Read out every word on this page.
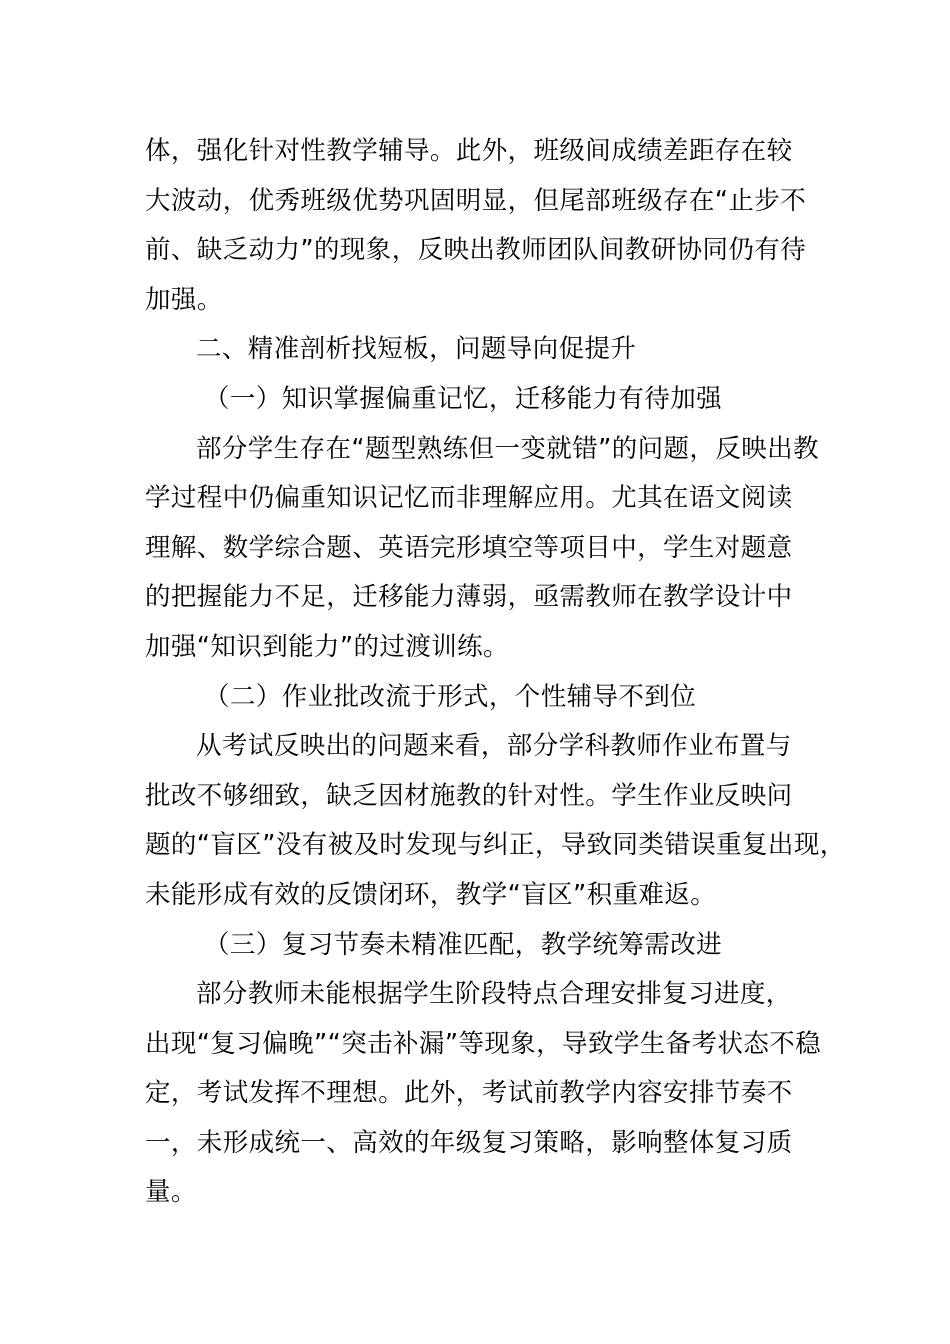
体，强化针对性教学辅导。此外，班级间成绩差距存在较
大波动，优秀班级优势巩固明显，但尾部班级存在“止步不
前、缺乏动力”的现象，反映出教师团队间教研协同仍有待
加强。
二、精准剖析找短板，问题导向促提升
（一）知识掌握偏重记忆，迁移能力有待加强
部分学生存在“题型熟练但一变就错”的问题，反映出教
学过程中仍偏重知识记忆而非理解应用。尤其在语文阅读
理解、数学综合题、英语完形填空等项目中，学生对题意
的把握能力不足，迁移能力薄弱，亟需教师在教学设计中
加强“知识到能力”的过渡训练。
（二）作业批改流于形式，个性辅导不到位
从考试反映出的问题来看，部分学科教师作业布置与
批改不够细致，缺乏因材施教的针对性。学生作业反映问
题的“盲区”没有被及时发现与纠正，导致同类错误重复出现，
未能形成有效的反馈闭环，教学“盲区”积重难返。
（三）复习节奏未精准匹配，教学统筹需改进
部分教师未能根据学生阶段特点合理安排复习进度，
出现“复习偏晚”“突击补漏”等现象，导致学生备考状态不稳
定，考试发挥不理想。此外，考试前教学内容安排节奏不
一，未形成统一、高效的年级复习策略，影响整体复习质
量。
